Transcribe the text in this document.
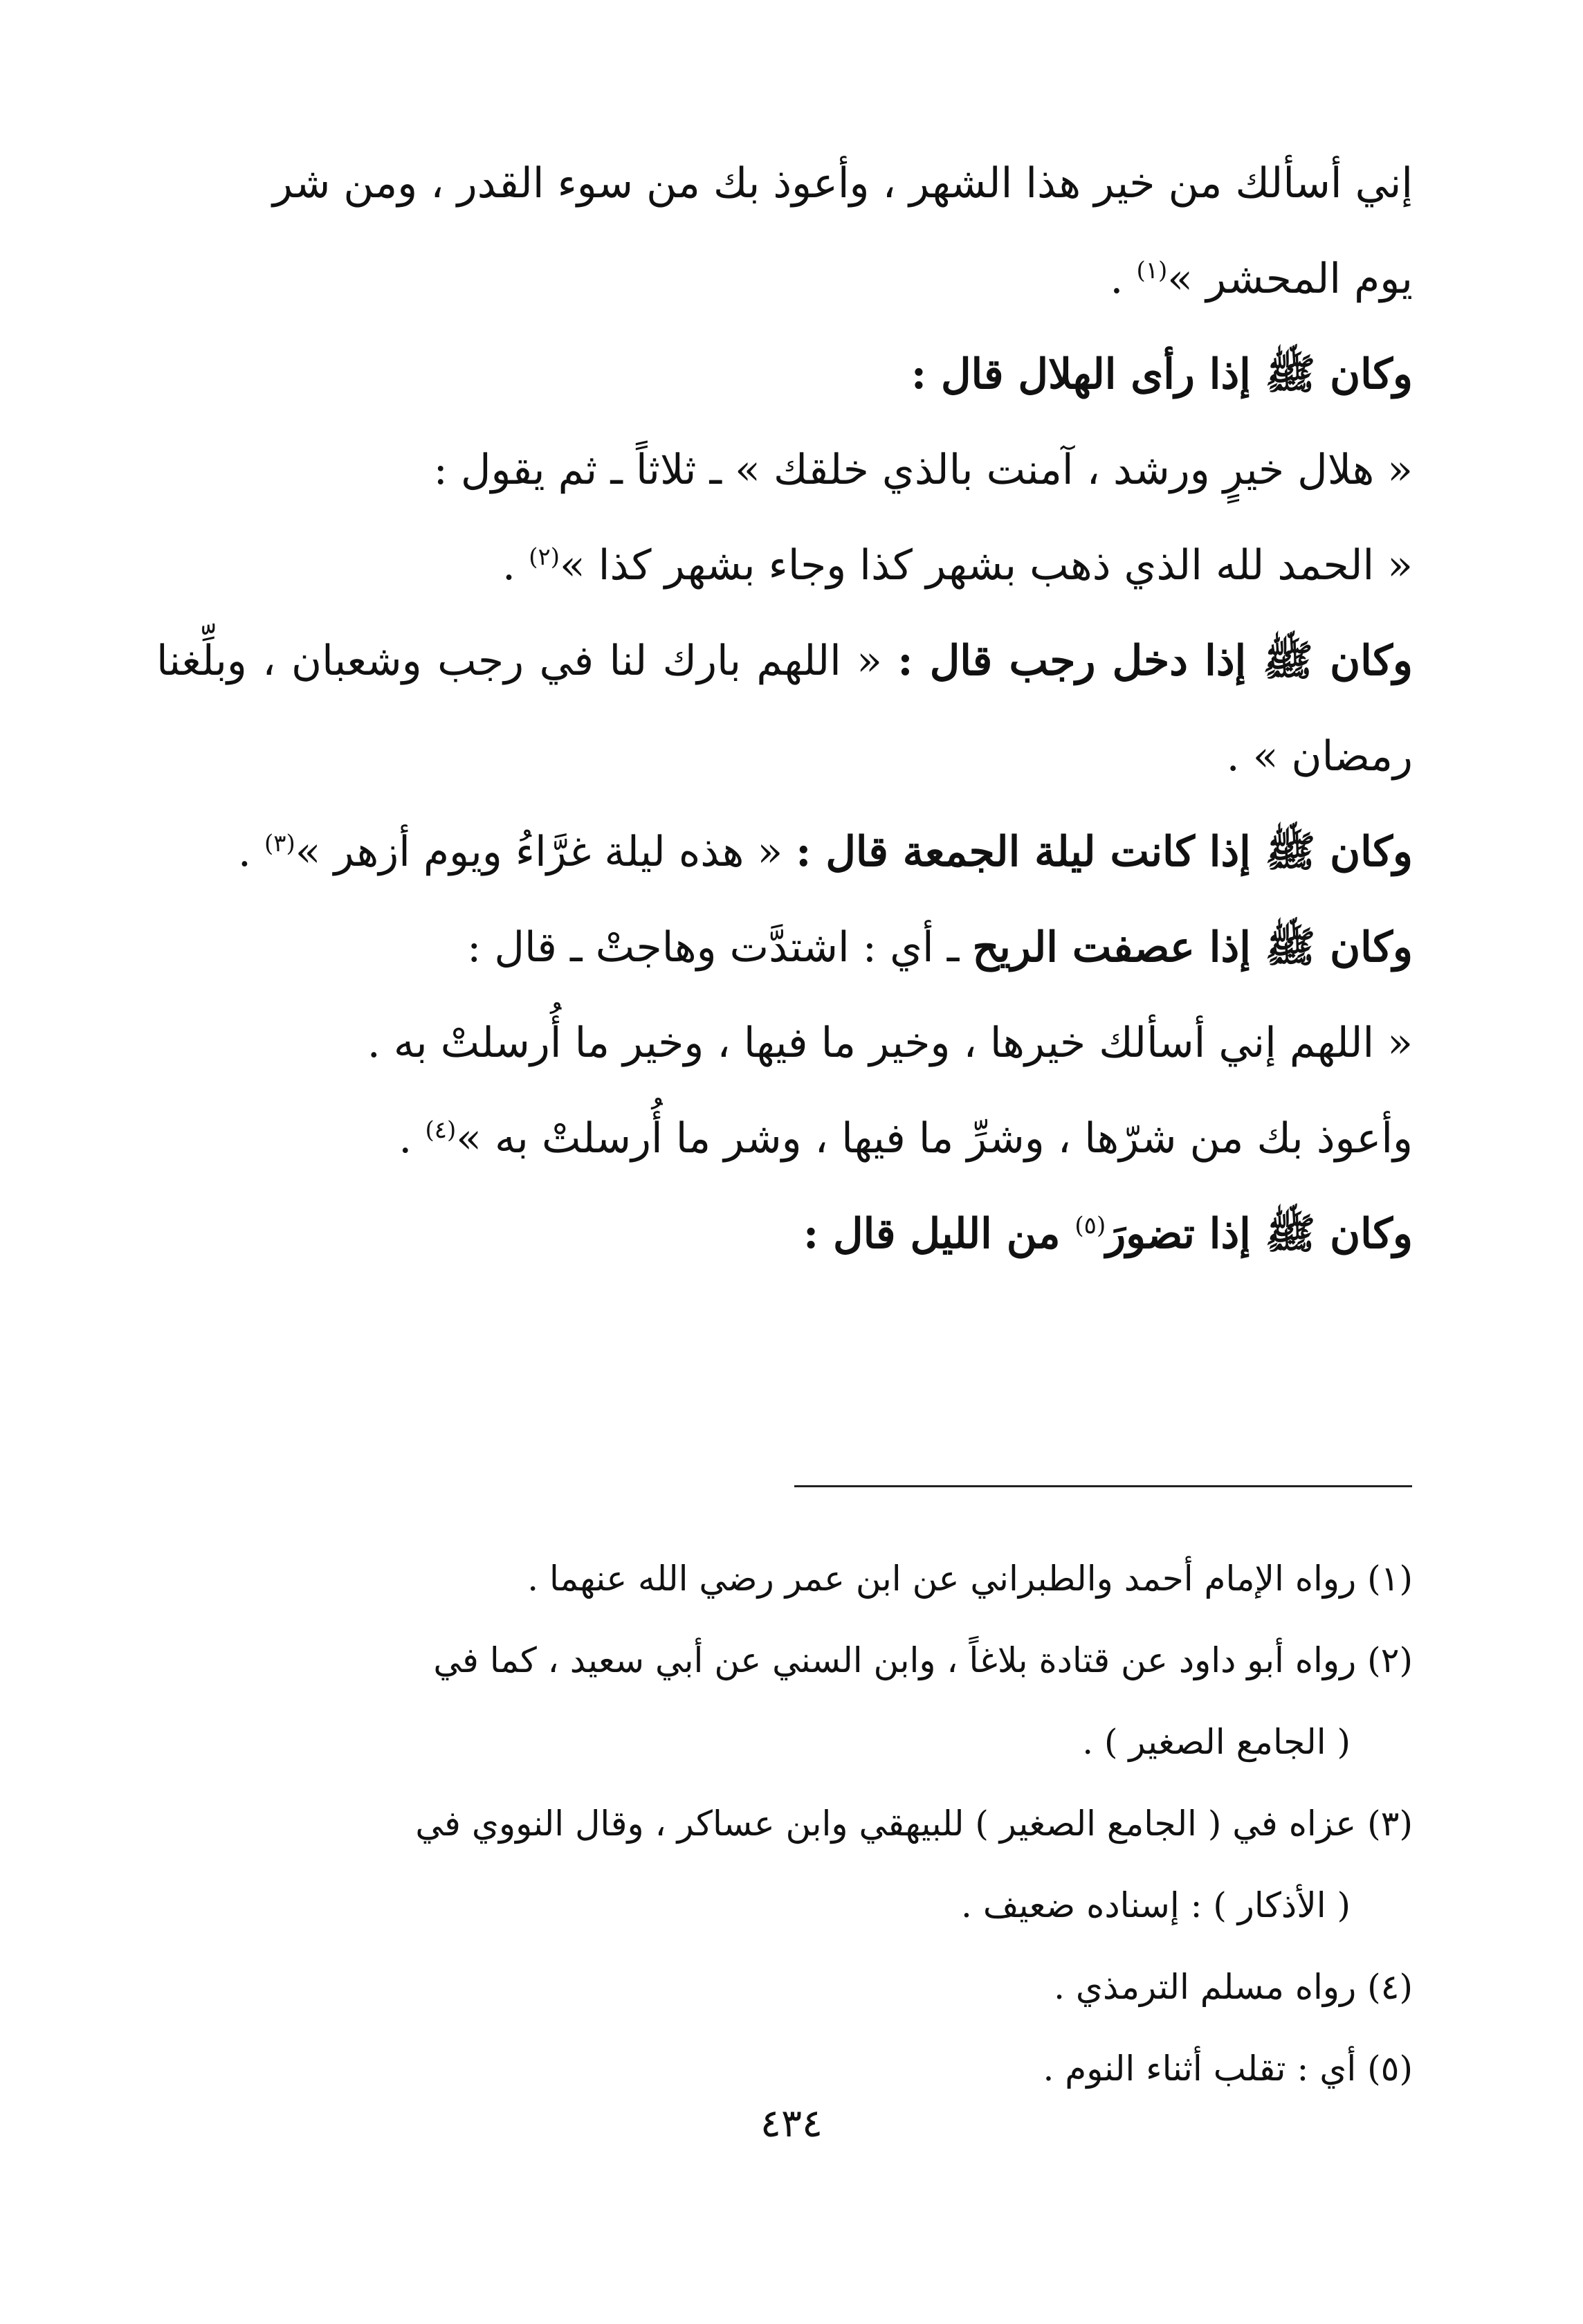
إني أسألك من خير هذا الشهر ، وأعوذ بك من سوء القدر ، ومن شر
يوم المحشر »$^{(١)}$ .

وكان ﷺ إذا رأى الهلال قال :

« هلال خيرٍ ورشد ، آمنت بالذي خلقك » ـ ثلاثاً ـ ثم يقول :
« الحمد لله الذي ذهب بشهر كذا وجاء بشهر كذا »$^{(٢)}$ .

وكان ﷺ إذا دخل رجب قال : « اللهم بارك لنا في رجب وشعبان ، وبلِّغنا رمضان » .

وكان ﷺ إذا كانت ليلة الجمعة قال : « هذه ليلة غرَّاءُ ويوم أزهر »$^{(٣)}$ .

وكان ﷺ إذا عصفت الريح ـ أي : اشتدَّت وهاجتْ ـ قال :

« اللهم إني أسألك خيرها ، وخير ما فيها ، وخير ما أُرسلتْ به .
وأعوذ بك من شرّها ، وشرِّ ما فيها ، وشر ما أُرسلتْ به »$^{(٤)}$ .

وكان ﷺ إذا تضورَ$^{(٥)}$ من الليل قال :

(١) رواه الإمام أحمد والطبراني عن ابن عمر رضي الله عنهما .

(٢) رواه أبو داود عن قتادة بلاغاً ، وابن السني عن أبي سعيد ، كما في
( الجامع الصغير ) .

(٣) عزاه في ( الجامع الصغير ) للبيهقي وابن عساكر ، وقال النووي في
( الأذكار ) : إسناده ضعيف .

(٤) رواه مسلم الترمذي .

(٥) أي : تقلب أثناء النوم .

٤٣٤
